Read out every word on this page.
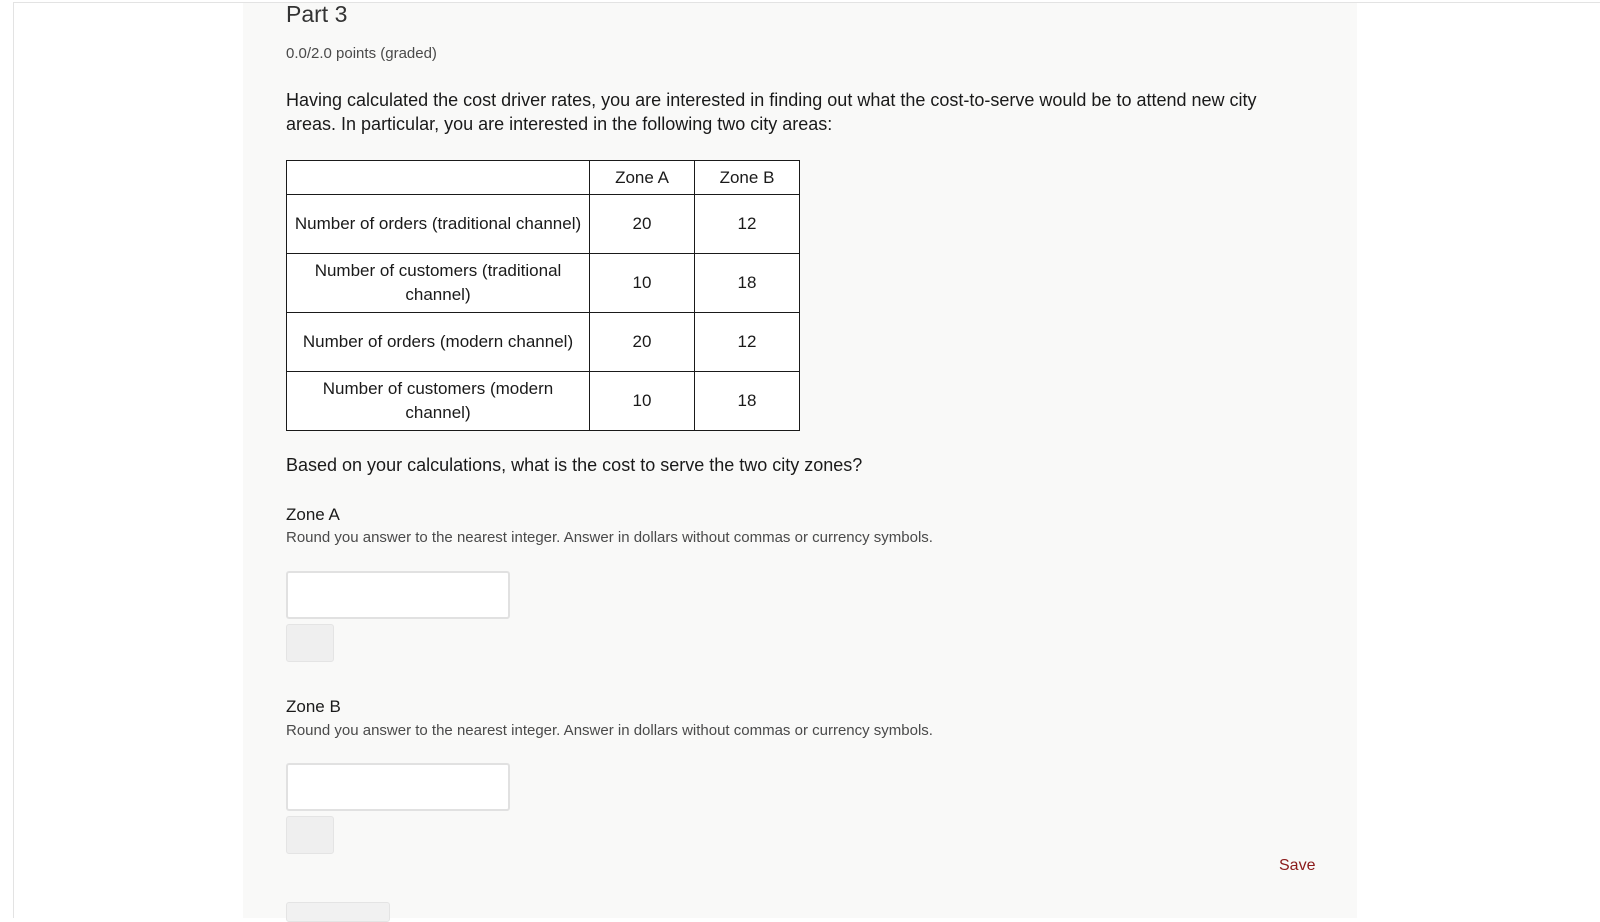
Part 3
0.0/2.0 points (graded)
Having calculated the cost driver rates, you are interested in finding out what the cost-to-serve would be to attend new city areas. In particular, you are interested in the following two city areas:
	Zone A	Zone B
Number of orders (traditional channel)	20	12
Number of customers (traditional channel)	10	18
Number of orders (modern channel)	20	12
Number of customers (modern channel)	10	18
Based on your calculations, what is the cost to serve the two city zones?
Zone A
Round you answer to the nearest integer. Answer in dollars without commas or currency symbols.
Zone B
Round you answer to the nearest integer. Answer in dollars without commas or currency symbols.
Save
